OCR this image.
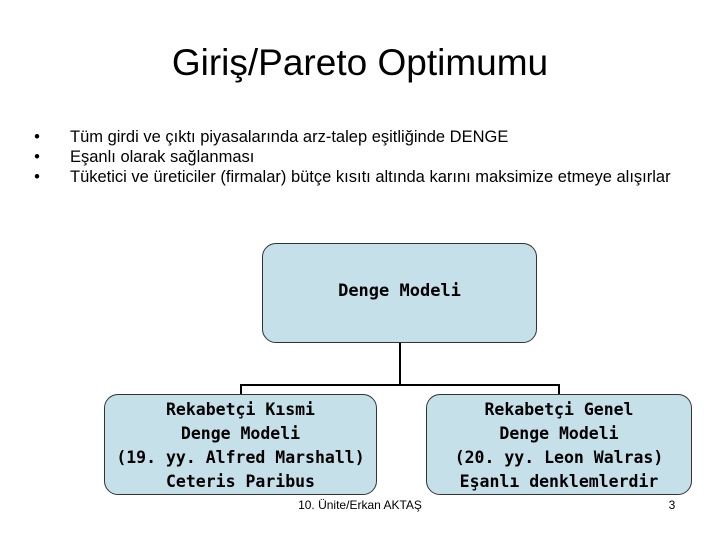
Giriş/Pareto Optimumu
• Tüm girdi ve çıktı piyasalarında arz-talep eşitliğinde DENGE
• Eşanlı olarak sağlanması
• Tüketici ve üreticiler (firmalar) bütçe kısıtı altında karını maksimize etmeye alışırlar
Denge Modeli
Rekabetçi Kısmi
Denge Modeli
(19. yy. Alfred Marshall)
Ceteris Paribus
Rekabetçi Genel
Denge Modeli
(20. yy. Leon Walras)
Eşanlı denklemlerdir
10. Ünite/Erkan AKTAŞ	3
